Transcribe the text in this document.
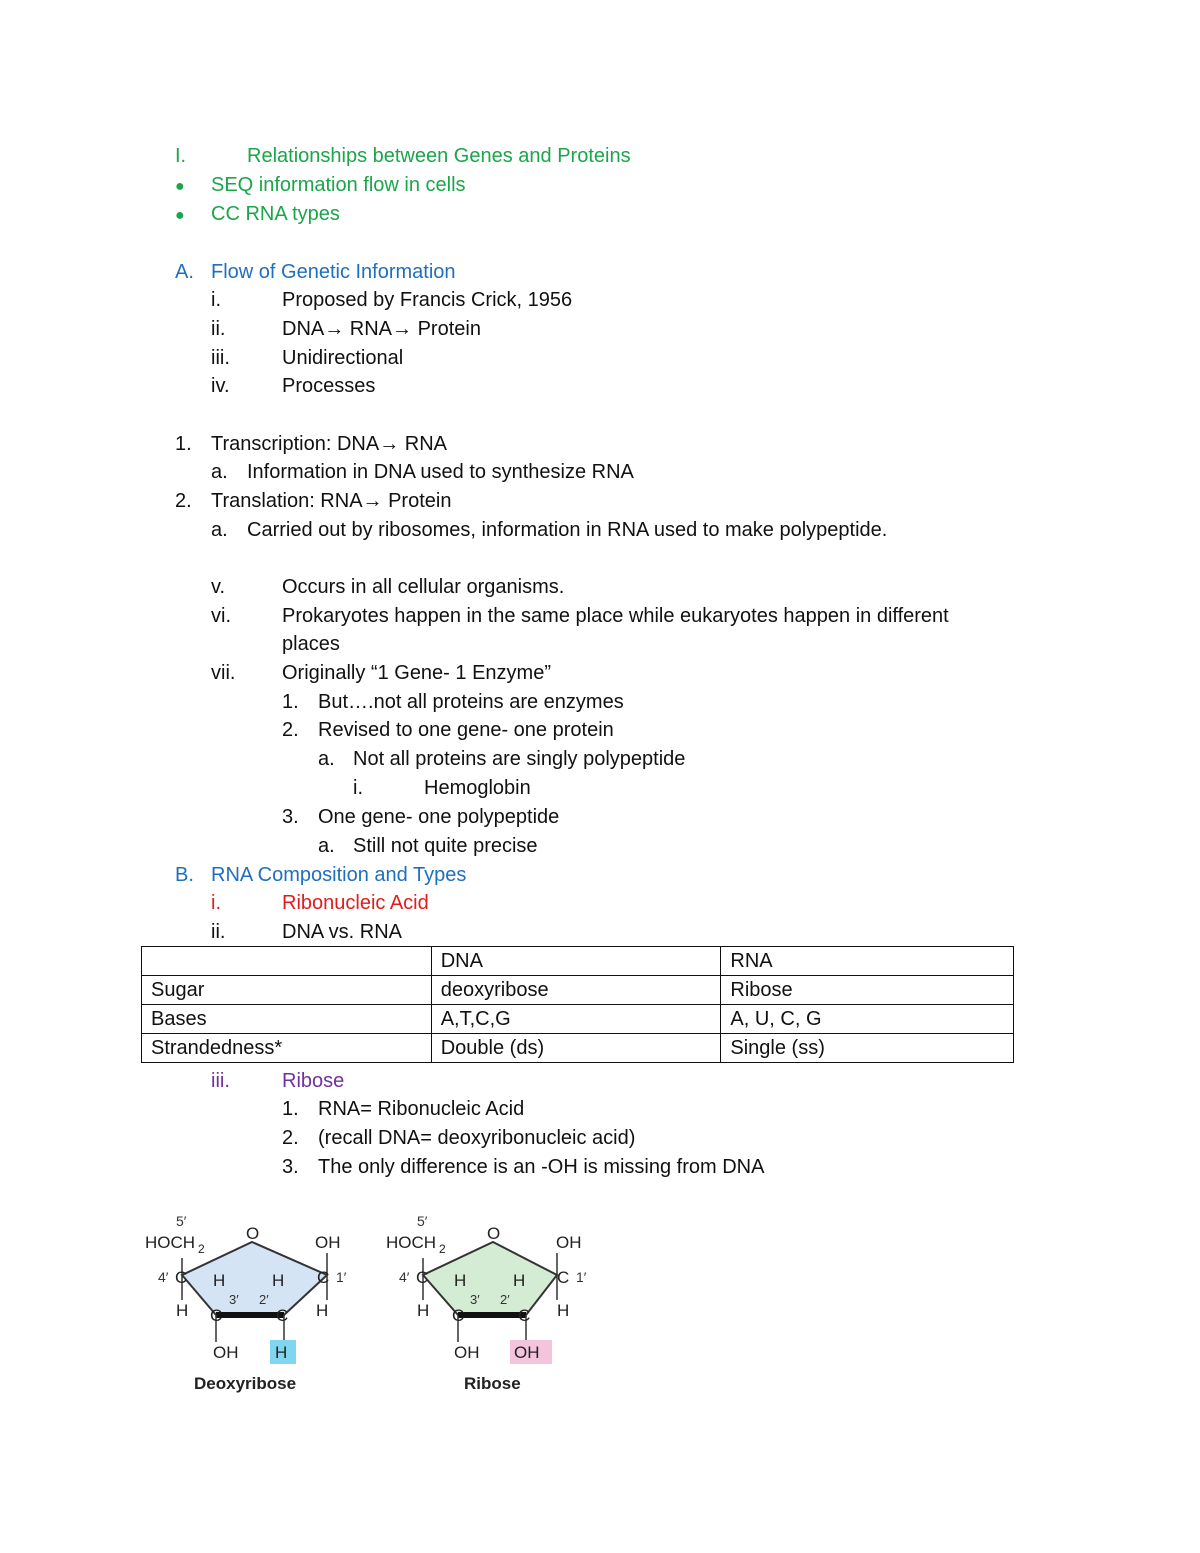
I.	Relationships between Genes and Proteins
● SEQ information flow in cells
● CC RNA types
A. Flow of Genetic Information
i.	Proposed by Francis Crick, 1956
ii.	DNA→ RNA→ Protein
iii.	Unidirectional
iv.	Processes
1. Transcription: DNA→ RNA
a. Information in DNA used to synthesize RNA
2. Translation: RNA→ Protein
a. Carried out by ribosomes, information in RNA used to make polypeptide.
v.	Occurs in all cellular organisms.
vi.	Prokaryotes happen in the same place while eukaryotes happen in different
places
vii. Originally “1 Gene- 1 Enzyme”
1. But….not all proteins are enzymes
2. Revised to one gene- one protein
a. Not all proteins are singly polypeptide
i.	Hemoglobin
3. One gene- one polypeptide
a. Still not quite precise
B. RNA Composition and Types
i.	Ribonucleic Acid
ii.	DNA vs. RNA
	DNA	RNA
Sugar	deoxyribose	Ribose
Bases	A,T,C,G	A, U, C, G
Strandedness*	Double (ds)	Single (ss)
iii.	Ribose
1. RNA= Ribonucleic Acid
2. (recall DNA= deoxyribonucleic acid)
3. The only difference is an -OH is missing from DNA
5′
HOCH 2
O	OH
4′ C H	H C 1′
H	H
3′ 2′
C	C
OH H
Deoxyribose
5′
HOCH 2
O	OH
4′ C H	H C 1′
H	H
3′ 2′
C	C
OH OH
Ribose
